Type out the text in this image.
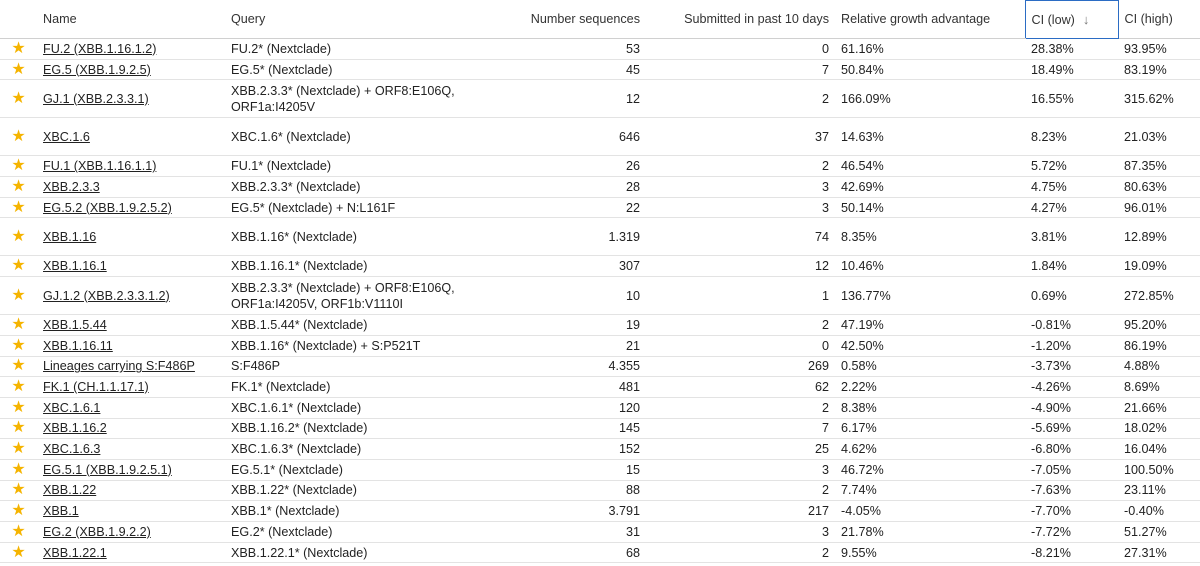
	Name	Query	Number sequences	Submitted in past 10 days	Relative growth advantage	CI (low) ↓	CI (high)
★	FU.2 (XBB.1.16.1.2)	FU.2* (Nextclade)	53	0	61.16%	28.38%	93.95%
★	EG.5 (XBB.1.9.2.5)	EG.5* (Nextclade)	45	7	50.84%	18.49%	83.19%
★	GJ.1 (XBB.2.3.3.1)	XBB.2.3.3* (Nextclade) + ORF8:E106Q, ORF1a:I4205V	12	2	166.09%	16.55%	315.62%
★	XBC.1.6	XBC.1.6* (Nextclade)	646	37	14.63%	8.23%	21.03%
★	FU.1 (XBB.1.16.1.1)	FU.1* (Nextclade)	26	2	46.54%	5.72%	87.35%
★	XBB.2.3.3	XBB.2.3.3* (Nextclade)	28	3	42.69%	4.75%	80.63%
★	EG.5.2 (XBB.1.9.2.5.2)	EG.5* (Nextclade) + N:L161F	22	3	50.14%	4.27%	96.01%
★	XBB.1.16	XBB.1.16* (Nextclade)	1.319	74	8.35%	3.81%	12.89%
★	XBB.1.16.1	XBB.1.16.1* (Nextclade)	307	12	10.46%	1.84%	19.09%
★	GJ.1.2 (XBB.2.3.3.1.2)	XBB.2.3.3* (Nextclade) + ORF8:E106Q, ORF1a:I4205V, ORF1b:V1110I	10	1	136.77%	0.69%	272.85%
★	XBB.1.5.44	XBB.1.5.44* (Nextclade)	19	2	47.19%	-0.81%	95.20%
★	XBB.1.16.11	XBB.1.16* (Nextclade) + S:P521T	21	0	42.50%	-1.20%	86.19%
★	Lineages carrying S:F486P	S:F486P	4.355	269	0.58%	-3.73%	4.88%
★	FK.1 (CH.1.1.17.1)	FK.1* (Nextclade)	481	62	2.22%	-4.26%	8.69%
★	XBC.1.6.1	XBC.1.6.1* (Nextclade)	120	2	8.38%	-4.90%	21.66%
★	XBB.1.16.2	XBB.1.16.2* (Nextclade)	145	7	6.17%	-5.69%	18.02%
★	XBC.1.6.3	XBC.1.6.3* (Nextclade)	152	25	4.62%	-6.80%	16.04%
★	EG.5.1 (XBB.1.9.2.5.1)	EG.5.1* (Nextclade)	15	3	46.72%	-7.05%	100.50%
★	XBB.1.22	XBB.1.22* (Nextclade)	88	2	7.74%	-7.63%	23.11%
★	XBB.1	XBB.1* (Nextclade)	3.791	217	-4.05%	-7.70%	-0.40%
★	EG.2 (XBB.1.9.2.2)	EG.2* (Nextclade)	31	3	21.78%	-7.72%	51.27%
★	XBB.1.22.1	XBB.1.22.1* (Nextclade)	68	2	9.55%	-8.21%	27.31%
